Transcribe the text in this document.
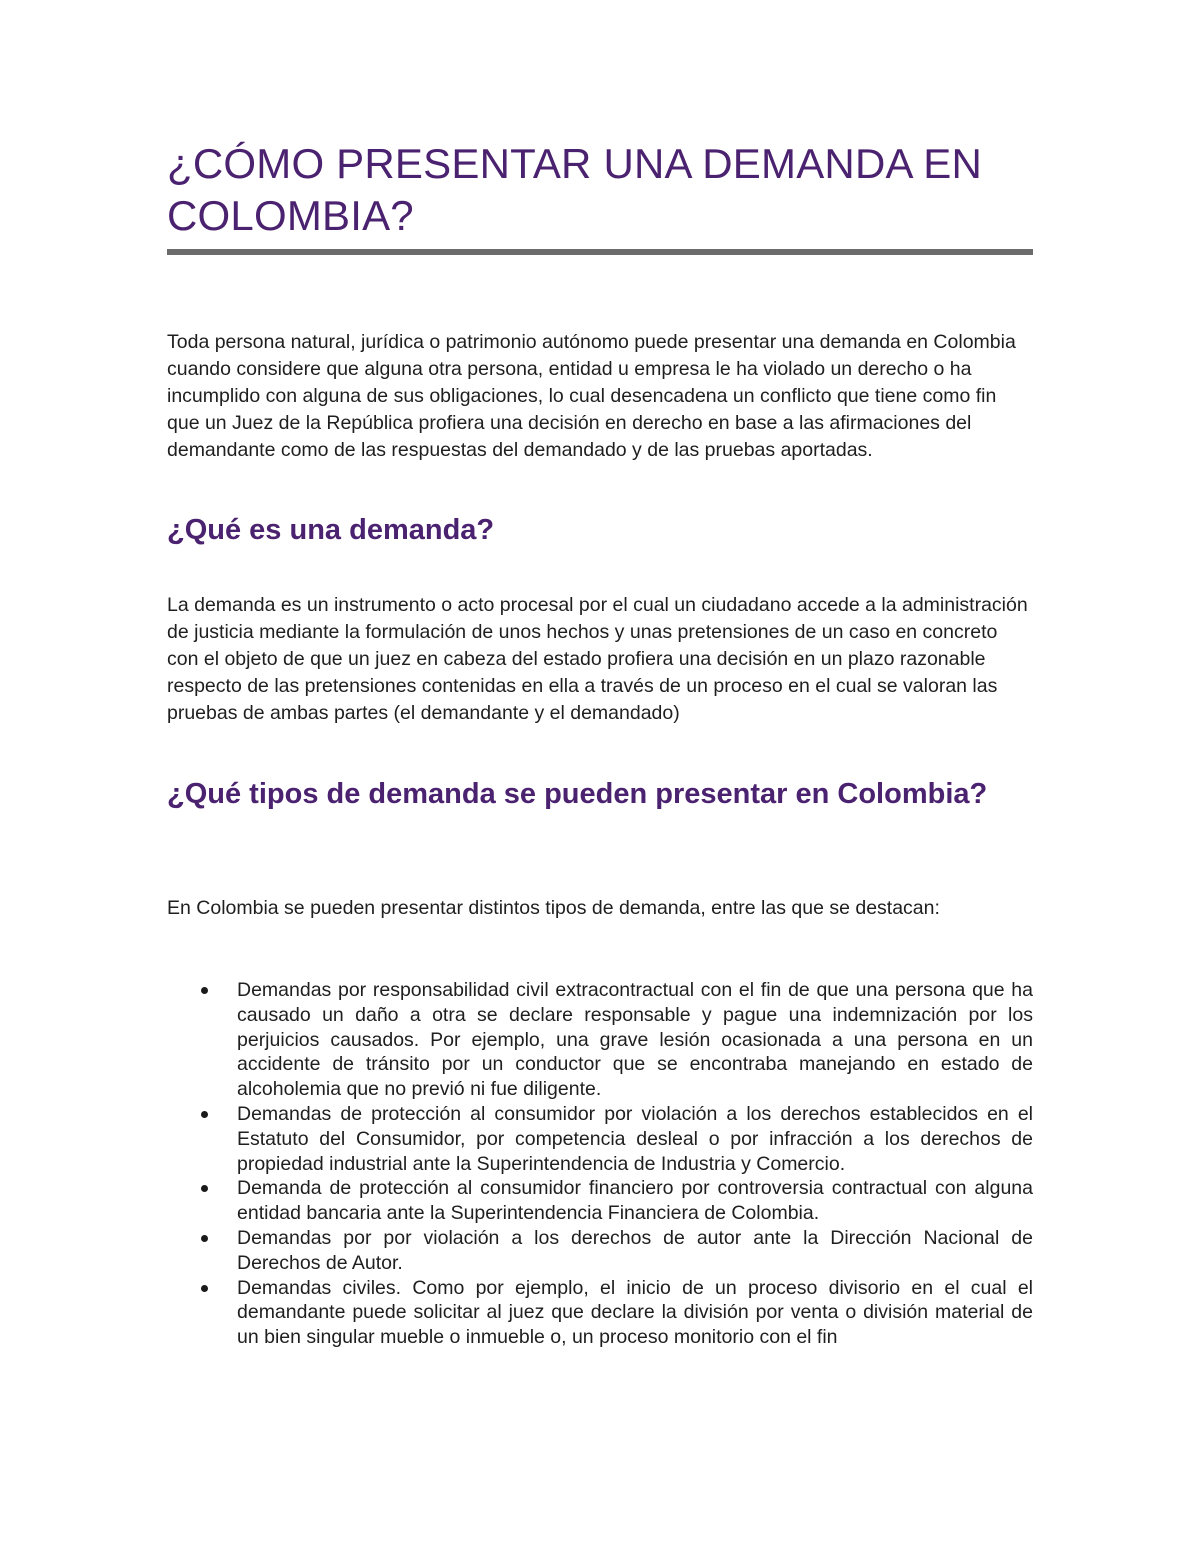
¿CÓMO PRESENTAR UNA DEMANDA EN COLOMBIA?

Toda persona natural, jurídica o patrimonio autónomo puede presentar una demanda en Colombia cuando considere que alguna otra persona, entidad u empresa le ha violado un derecho o ha incumplido con alguna de sus obligaciones, lo cual desencadena un conflicto que tiene como fin que un Juez de la República profiera una decisión en derecho en base a las afirmaciones del demandante como de las respuestas del demandado y de las pruebas aportadas.

¿Qué es una demanda?

La demanda es un instrumento o acto procesal por el cual un ciudadano accede a la administración de justicia mediante la formulación de unos hechos y unas pretensiones de un caso en concreto con el objeto de que un juez en cabeza del estado profiera una decisión en un plazo razonable respecto de las pretensiones contenidas en ella a través de un proceso en el cual se valoran las pruebas de ambas partes (el demandante y el demandado)

¿Qué tipos de demanda se pueden presentar en Colombia?

En Colombia se pueden presentar distintos tipos de demanda, entre las que se destacan:

Demandas por responsabilidad civil extracontractual con el fin de que una persona que ha causado un daño a otra se declare responsable y pague una indemnización por los perjuicios causados. Por ejemplo, una grave lesión ocasionada a una persona en un accidente de tránsito por un conductor que se encontraba manejando en estado de alcoholemia que no previó ni fue diligente.
Demandas de protección al consumidor por violación a los derechos establecidos en el Estatuto del Consumidor, por competencia desleal o por infracción a los derechos de propiedad industrial ante la Superintendencia de Industria y Comercio.
Demanda de protección al consumidor financiero por controversia contractual con alguna entidad bancaria ante la Superintendencia Financiera de Colombia.
Demandas por por violación a los derechos de autor ante la Dirección Nacional de Derechos de Autor.
Demandas civiles. Como por ejemplo, el inicio de un proceso divisorio en el cual el demandante puede solicitar al juez que declare la división por venta o división material de un bien singular mueble o inmueble o, un proceso monitorio con el fin
